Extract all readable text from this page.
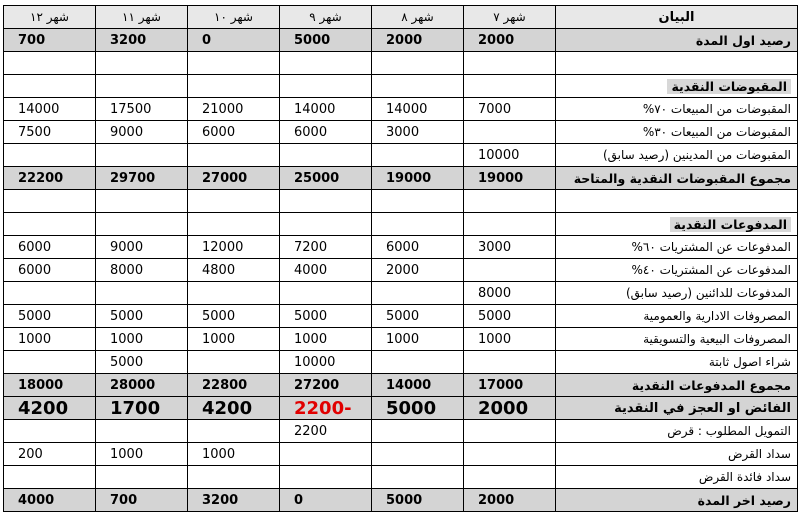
البيان	شهر ٧	شهر ٨	شهر ٩	شهر ١٠	شهر ١١	شهر ١٢
رصيد اول المدة	2000	2000	5000	0	3200	700

المقبوضات النقدية						
المقبوضات من المبيعات ٧٠%	7000	14000	14000	21000	17500	14000
المقبوضات من المبيعات ٣٠%		3000	6000	6000	9000	7500
المقبوضات من المدينين (رصيد سابق)	10000					
مجموع المقبوضات النقدية والمتاحة	19000	19000	25000	27000	29700	22200

المدفوعات النقدية						
المدفوعات عن المشتريات ٦٠%	3000	6000	7200	12000	9000	6000
المدفوعات عن المشتريات ٤٠%		2000	4000	4800	8000	6000
المدفوعات للدائنين (رصيد سابق)	8000					
المصروفات الادارية والعمومية	5000	5000	5000	5000	5000	5000
المصروفات البيعية والتسويقية	1000	1000	1000	1000	1000	1000
شراء اصول ثابتة			10000		5000	
مجموع المدفوعات النقدية	17000	14000	27200	22800	28000	18000
الفائض او العجز في النقدية	2000	5000	-2200	4200	1700	4200
التمويل المطلوب : قرض			2200			
سداد القرض				1000	1000	200
سداد فائدة القرض						
رصيد اخر المدة	2000	5000	0	3200	700	4000
